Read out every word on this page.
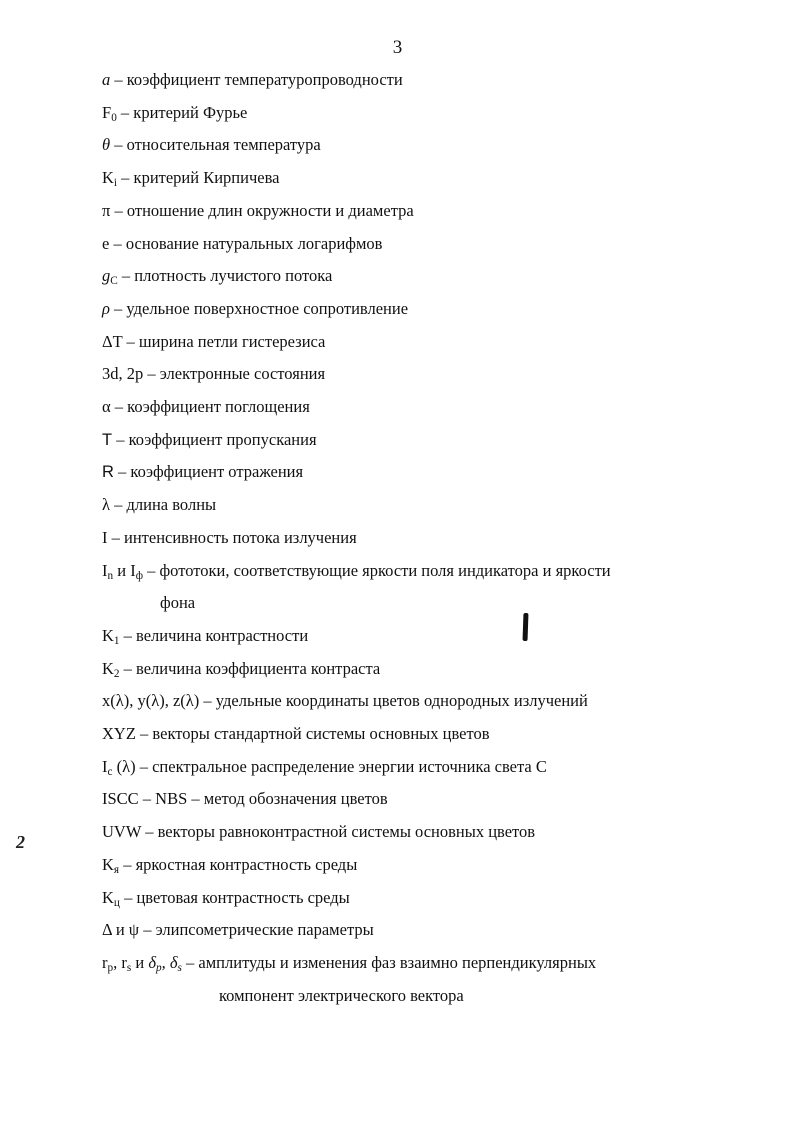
3
a – коэффициент температуропроводности
$F_0$ – критерий Фурье
θ – относительная температура
$K_i$ – критерий Кирпичева
π – отношение длин окружности и диаметра
e – основание натуральных логарифмов
$g_C$ – плотность лучистого потока
ρ – удельное поверхностное сопротивление
ΔT – ширина петли гистерезиса
3d, 2p – электронные состояния
α – коэффициент поглощения
T – коэффициент пропускания
R – коэффициент отражения
λ – длина волны
I – интенсивность потока излучения
$I_n$ и $I_ф$ – фототоки, соответствующие яркости поля индикатора и яркости
фона
$K_1$ – величина контрастности
$K_2$ – величина коэффициента контраста
x(λ), y(λ), z(λ) – удельные координаты цветов однородных излучений
XYZ – векторы стандартной системы основных цветов
$I_c$ (λ) – спектральное распределение энергии источника света С
ISCC – NBS – метод обозначения цветов
UVW – векторы равноконтрастной системы основных цветов
$K_я$ – яркостная контрастность среды
$K_ц$ – цветовая контрастность среды
Δ и ψ – элипсометрические параметры
$r_p$, $r_s$ и $\delta_p$, $\delta_s$ – амплитуды и изменения фаз взаимно перпендикулярных
компонент электрического вектора
2
